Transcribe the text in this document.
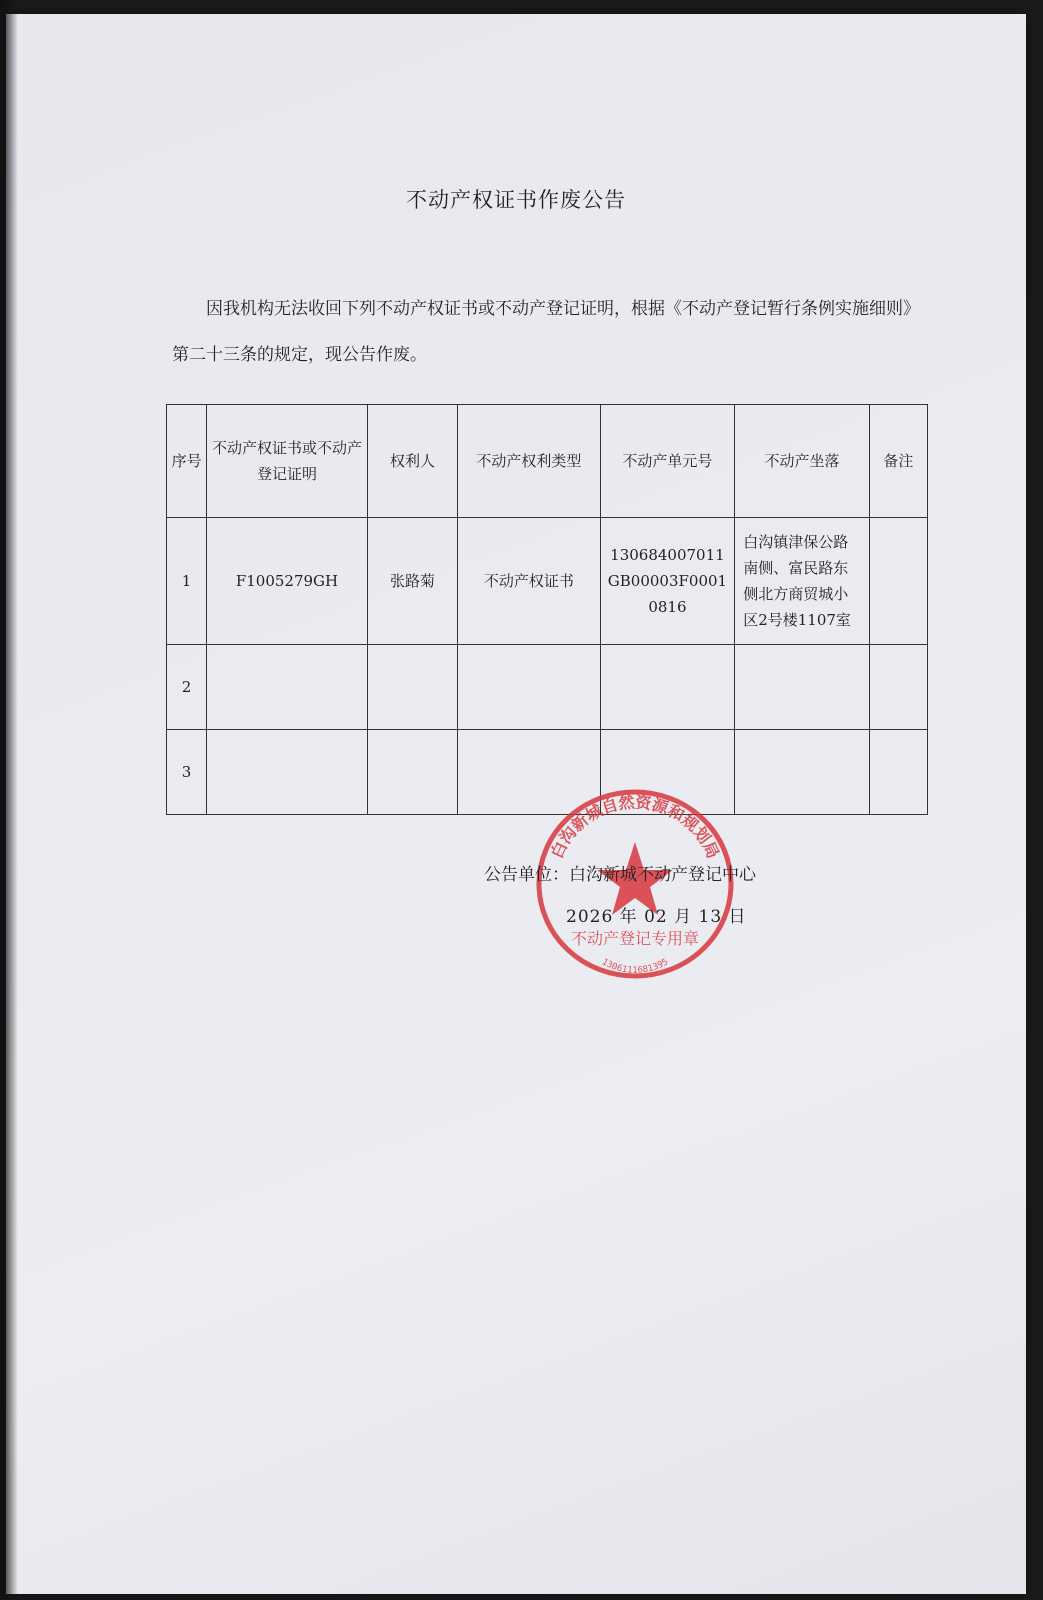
不动产权证书作废公告
因我机构无法收回下列不动产权证书或不动产登记证明，根据《不动产登记暂行条例实施细则》第二十三条的规定，现公告作废。
序号	不动产权证书或不动产登记证明	权利人	不动产权利类型	不动产单元号	不动产坐落	备注
1	F1005279GH	张路菊	不动产权证书	130684007011GB00003F00010816	白沟镇津保公路南侧、富民路东侧北方商贸城小区2号楼1107室	
2						
3						
白沟新城自然资源和规划局
不动产登记专用章
1306111681395
公告单位：白沟新城不动产登记中心
2026 年 02 月 13 日
